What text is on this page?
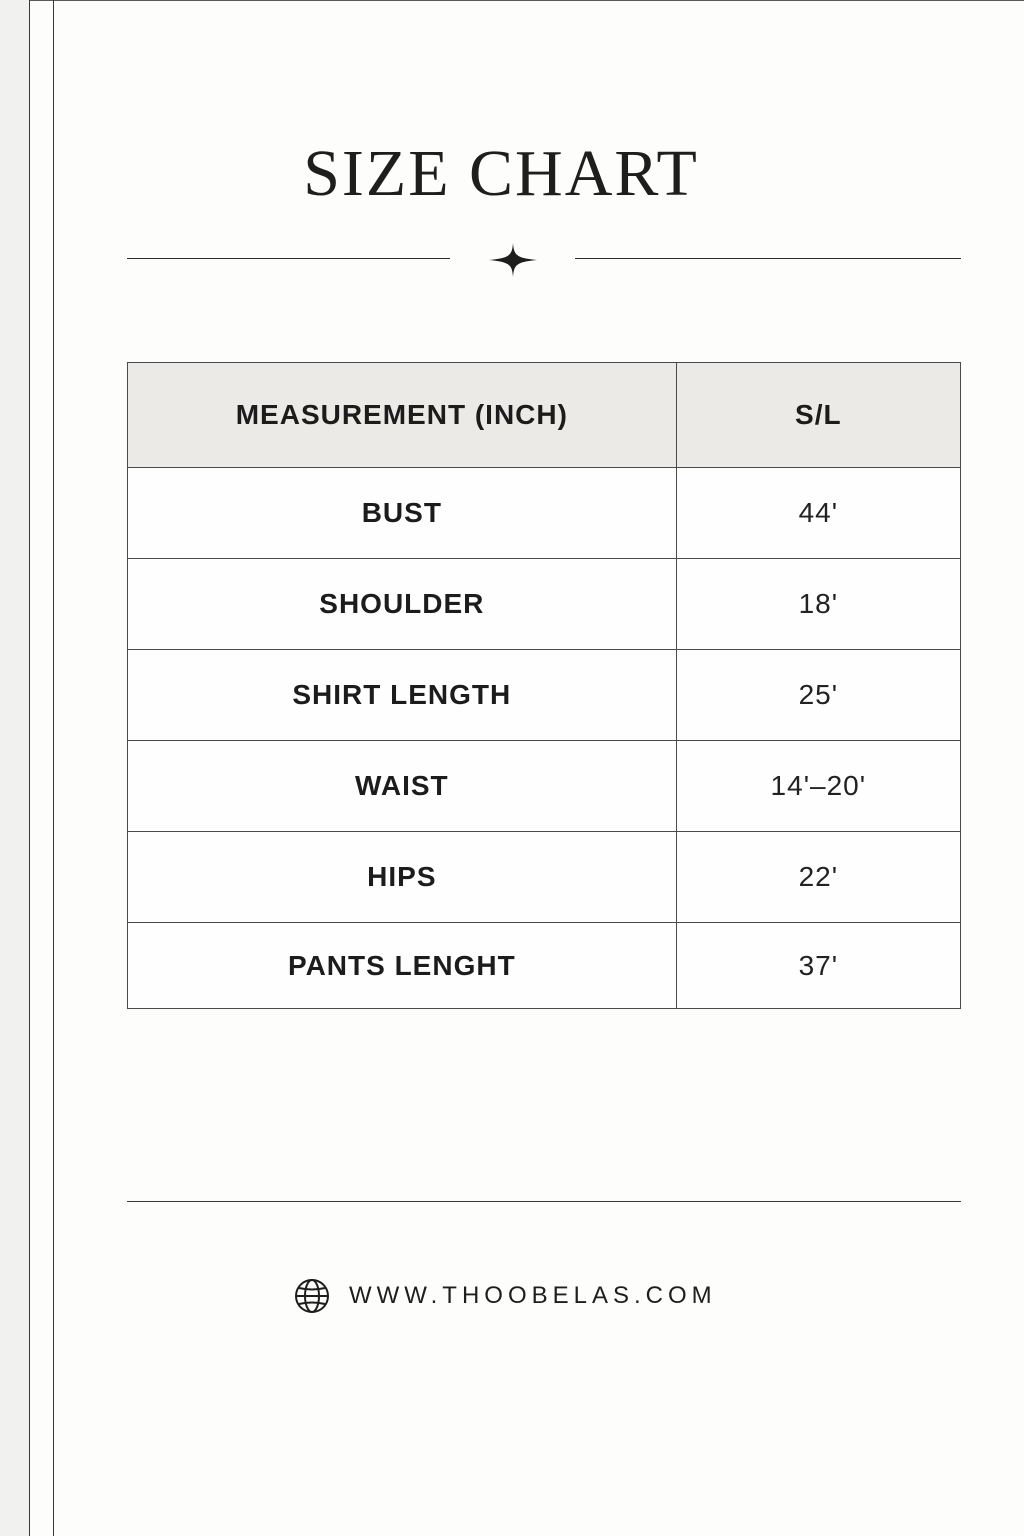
SIZE CHART
MEASUREMENT (INCH)	S/L
BUST	44'
SHOULDER	18'
SHIRT LENGTH	25'
WAIST	14'–20'
HIPS	22'
PANTS LENGHT	37'
WWW.THOOBELAS.COM
